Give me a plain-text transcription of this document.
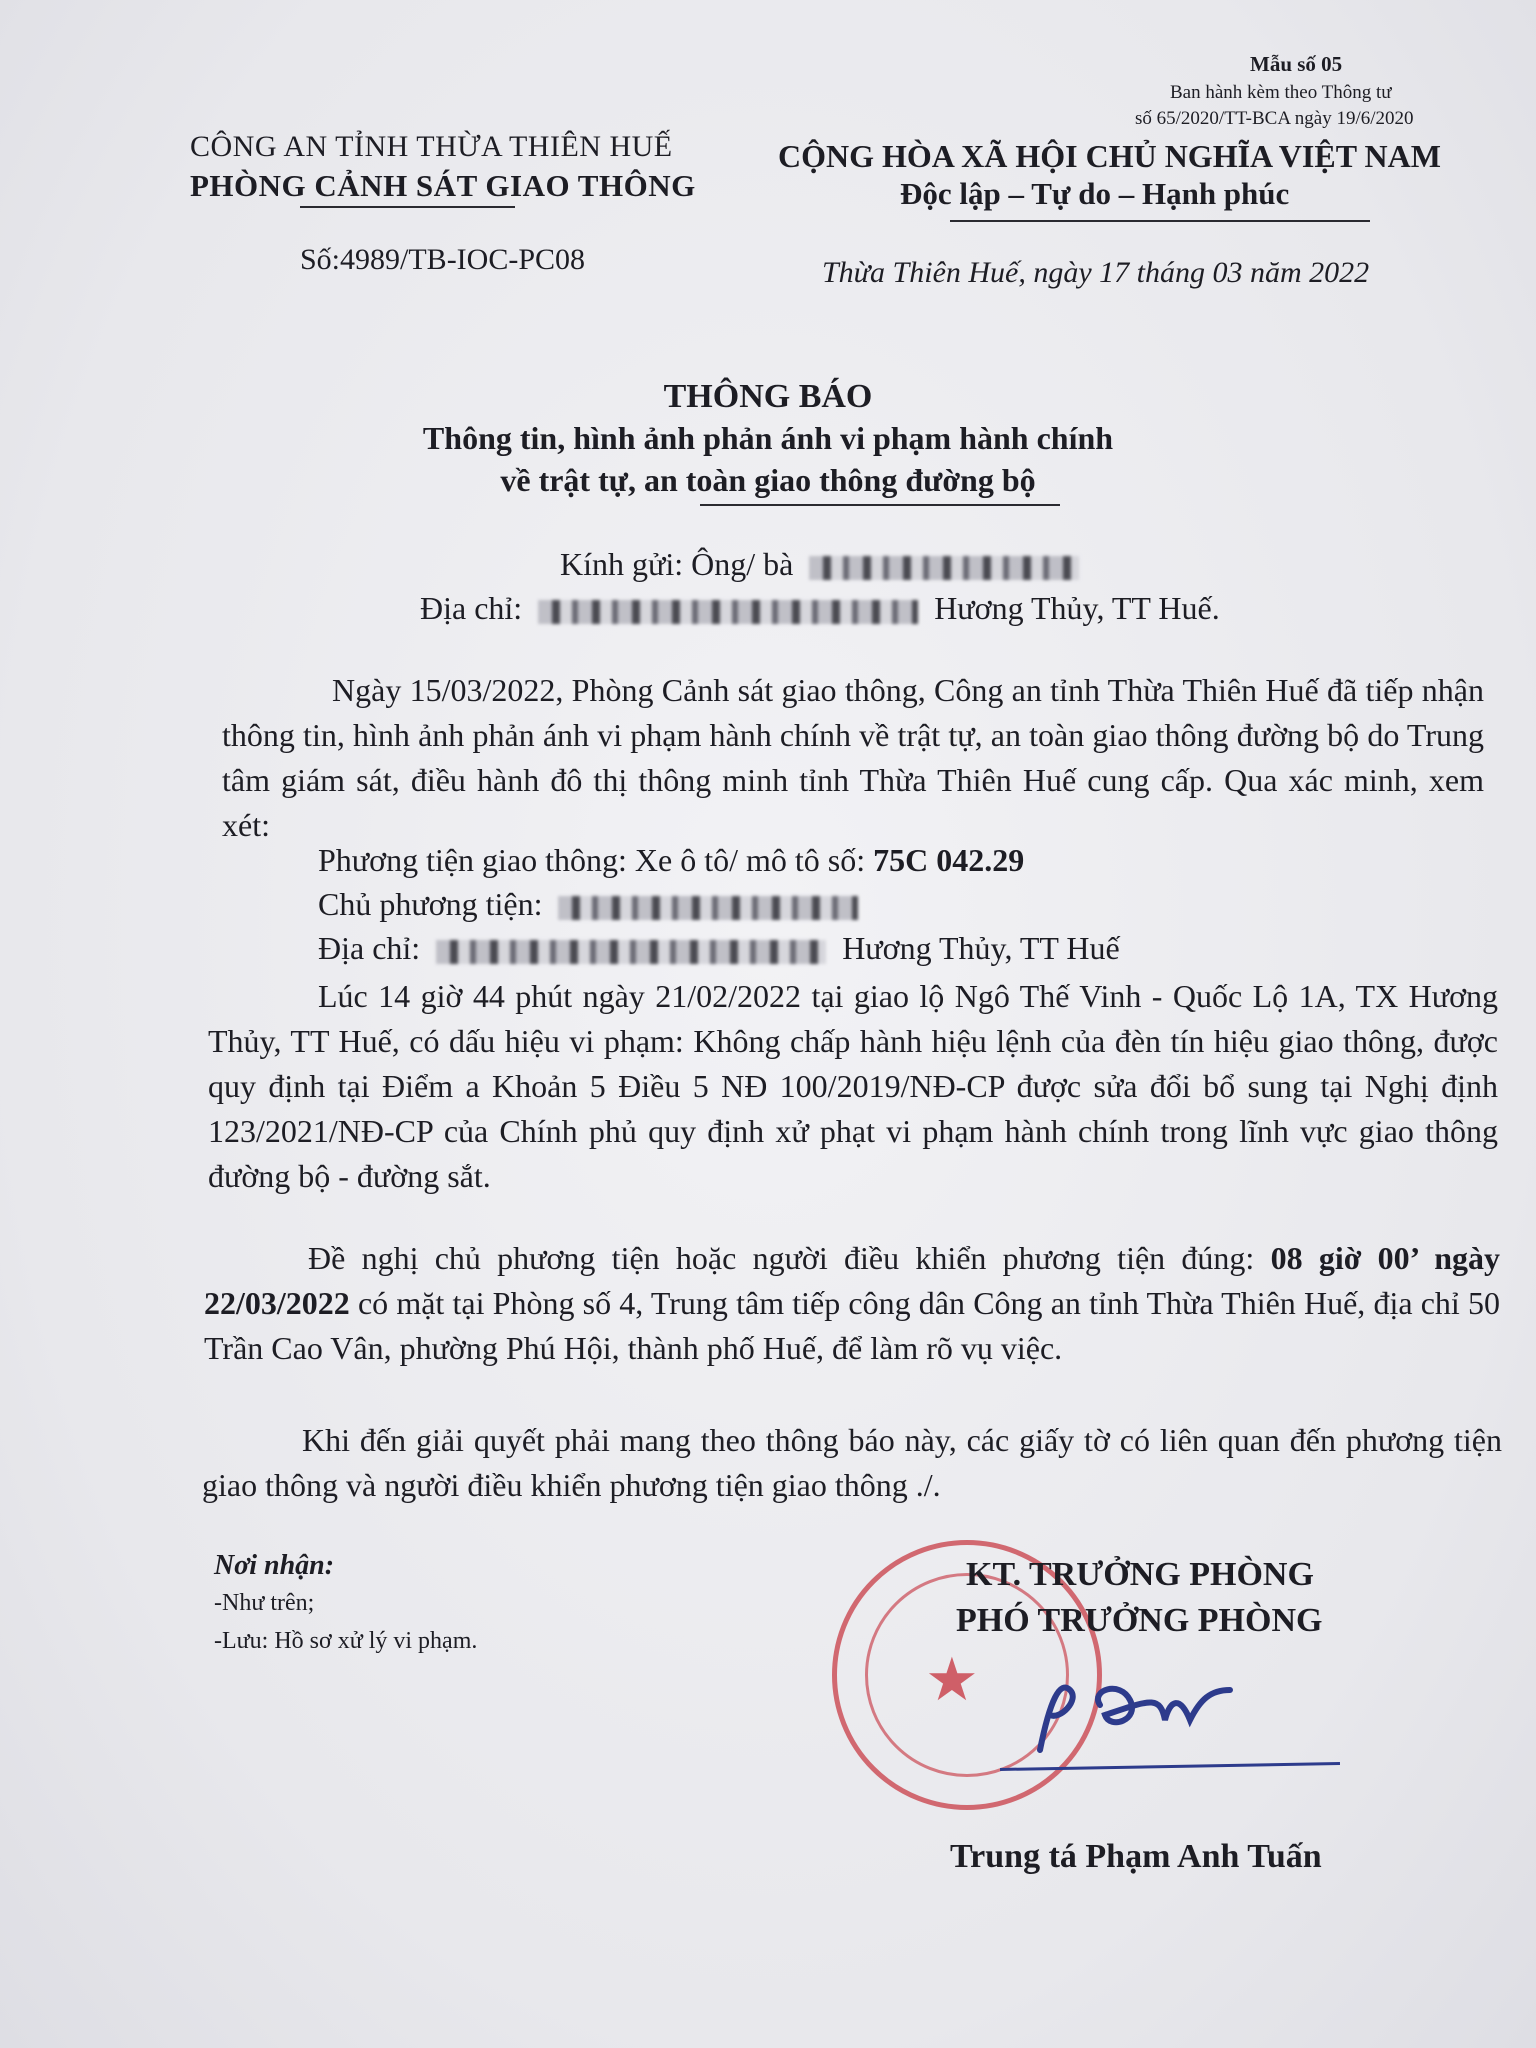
Mẫu số 05
Ban hành kèm theo Thông tư
số 65/2020/TT-BCA ngày 19/6/2020
CÔNG AN TỈNH THỪA THIÊN HUẾ
PHÒNG CẢNH SÁT GIAO THÔNG
CỘNG HÒA XÃ HỘI CHỦ NGHĨA VIỆT NAM
Độc lập – Tự do – Hạnh phúc
Số:4989/TB-IOC-PC08	Thừa Thiên Huế, ngày 17 tháng 03 năm 2022
THÔNG BÁO
Thông tin, hình ảnh phản ánh vi phạm hành chính
về trật tự, an toàn giao thông đường bộ
Kính gửi: Ông/ bà
Địa chỉ:	Hương Thủy, TT Huế.
Ngày 15/03/2022, Phòng Cảnh sát giao thông, Công an tỉnh Thừa Thiên Huế đã tiếp nhận thông tin, hình ảnh phản ánh vi phạm hành chính về trật tự, an toàn giao thông đường bộ do Trung tâm giám sát, điều hành đô thị thông minh tỉnh Thừa Thiên Huế cung cấp. Qua xác minh, xem xét:
Phương tiện giao thông: Xe ô tô/ mô tô số: 75C 042.29
Chủ phương tiện:
Địa chỉ:	Hương Thủy, TT Huế
Lúc 14 giờ 44 phút ngày 21/02/2022 tại giao lộ Ngô Thế Vinh - Quốc Lộ 1A, TX Hương Thủy, TT Huế, có dấu hiệu vi phạm: Không chấp hành hiệu lệnh của đèn tín hiệu giao thông, được quy định tại Điểm a Khoản 5 Điều 5 NĐ 100/2019/NĐ-CP được sửa đổi bổ sung tại Nghị định 123/2021/NĐ-CP của Chính phủ quy định xử phạt vi phạm hành chính trong lĩnh vực giao thông đường bộ - đường sắt.
Đề nghị chủ phương tiện hoặc người điều khiển phương tiện đúng: 08 giờ 00’ ngày 22/03/2022 có mặt tại Phòng số 4, Trung tâm tiếp công dân Công an tỉnh Thừa Thiên Huế, địa chỉ 50 Trần Cao Vân, phường Phú Hội, thành phố Huế, để làm rõ vụ việc.
Khi đến giải quyết phải mang theo thông báo này, các giấy tờ có liên quan đến phương tiện giao thông và người điều khiển phương tiện giao thông ./.
Nơi nhận:
-Như trên;
-Lưu: Hồ sơ xử lý vi phạm.
★
KT. TRƯỞNG PHÒNG
PHÓ TRƯỞNG PHÒNG
Trung tá Phạm Anh Tuấn
